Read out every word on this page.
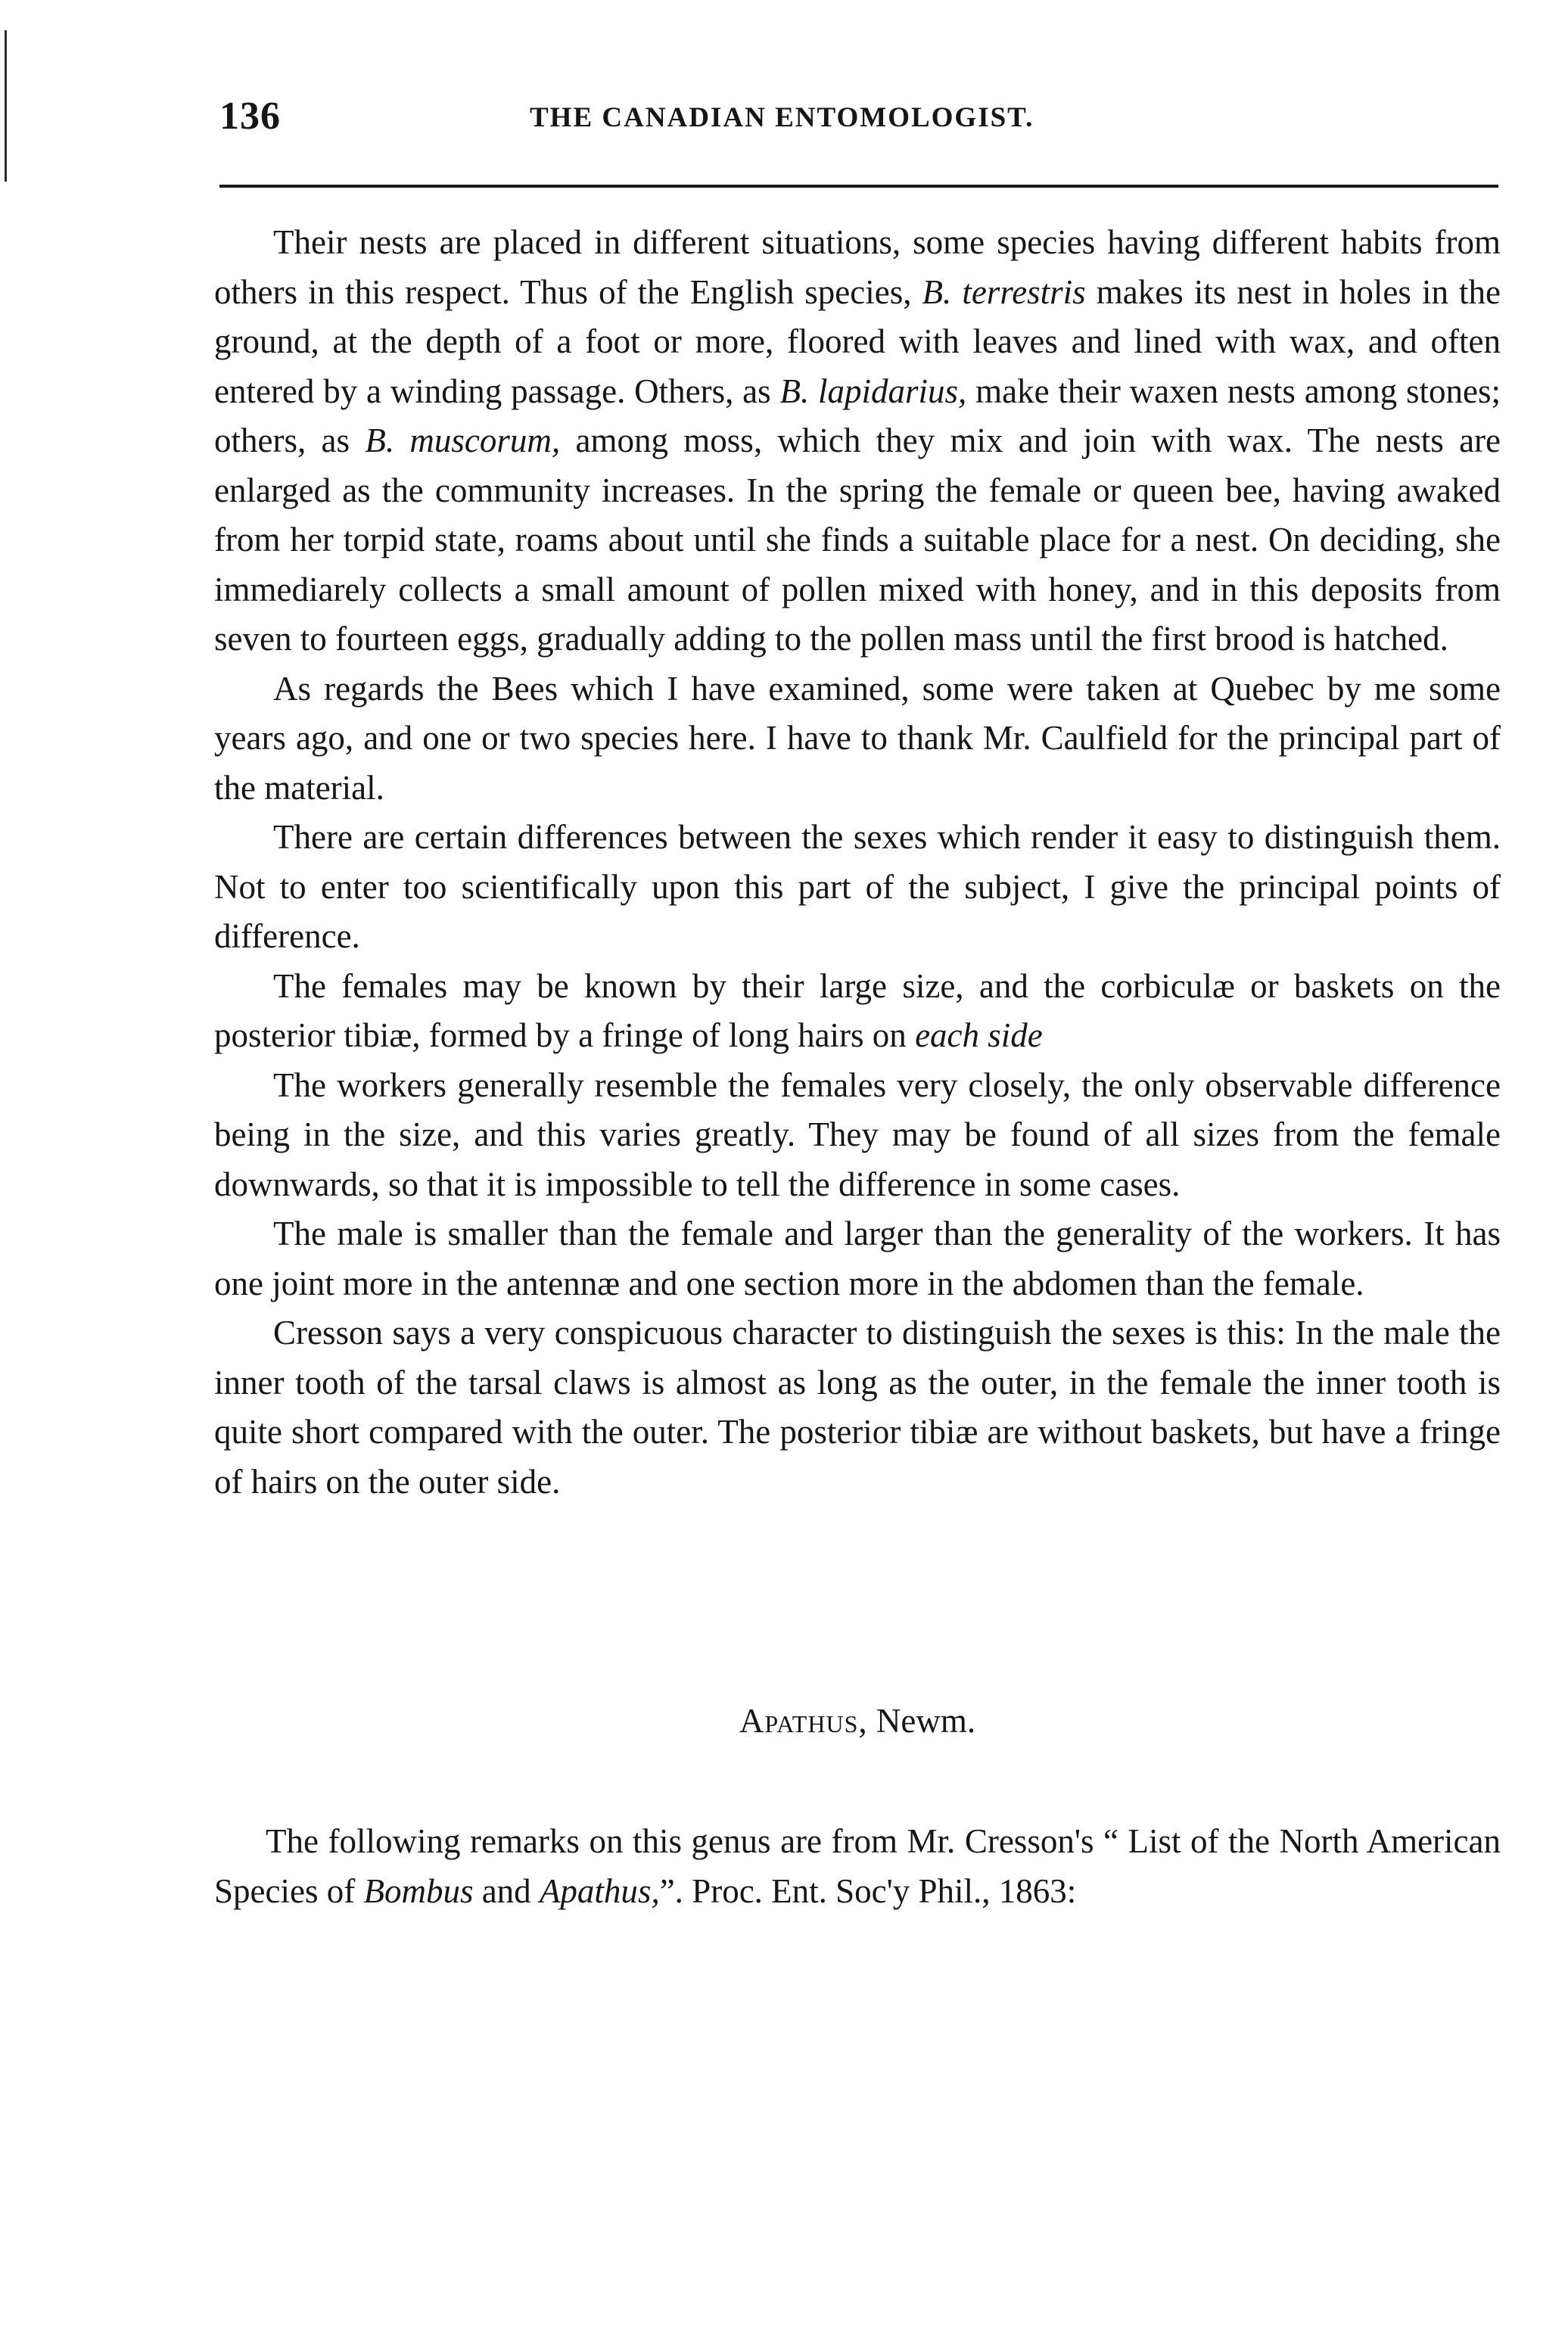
136	THE CANADIAN ENTOMOLOGIST.

Their nests are placed in different situations, some species having different habits from others in this respect. Thus of the English species, B. terrestris makes its nest in holes in the ground, at the depth of a foot or more, floored with leaves and lined with wax, and often entered by a winding passage. Others, as B. lapidarius, make their waxen nests among stones; others, as B. muscorum, among moss, which they mix and join with wax. The nests are enlarged as the community increases. In the spring the female or queen bee, having awaked from her torpid state, roams about until she finds a suitable place for a nest. On deciding, she immediarely collects a small amount of pollen mixed with honey, and in this deposits from seven to fourteen eggs, gradually adding to the pollen mass until the first brood is hatched.

As regards the Bees which I have examined, some were taken at Quebec by me some years ago, and one or two species here. I have to thank Mr. Caulfield for the principal part of the material.

There are certain differences between the sexes which render it easy to distinguish them. Not to enter too scientifically upon this part of the subject, I give the principal points of difference.

The females may be known by their large size, and the corbiculæ or baskets on the posterior tibiæ, formed by a fringe of long hairs on each side

The workers generally resemble the females very closely, the only observable difference being in the size, and this varies greatly. They may be found of all sizes from the female downwards, so that it is impossible to tell the difference in some cases.

The male is smaller than the female and larger than the generality of the workers. It has one joint more in the antennæ and one section more in the abdomen than the female.

Cresson says a very conspicuous character to distinguish the sexes is this: In the male the inner tooth of the tarsal claws is almost as long as the outer, in the female the inner tooth is quite short compared with the outer. The posterior tibiæ are without baskets, but have a fringe of hairs on the outer side.

Apathus, Newm.

The following remarks on this genus are from Mr. Cresson's “ List of the North American Species of Bombus and Apathus,”. Proc. Ent. Soc'y Phil., 1863:
